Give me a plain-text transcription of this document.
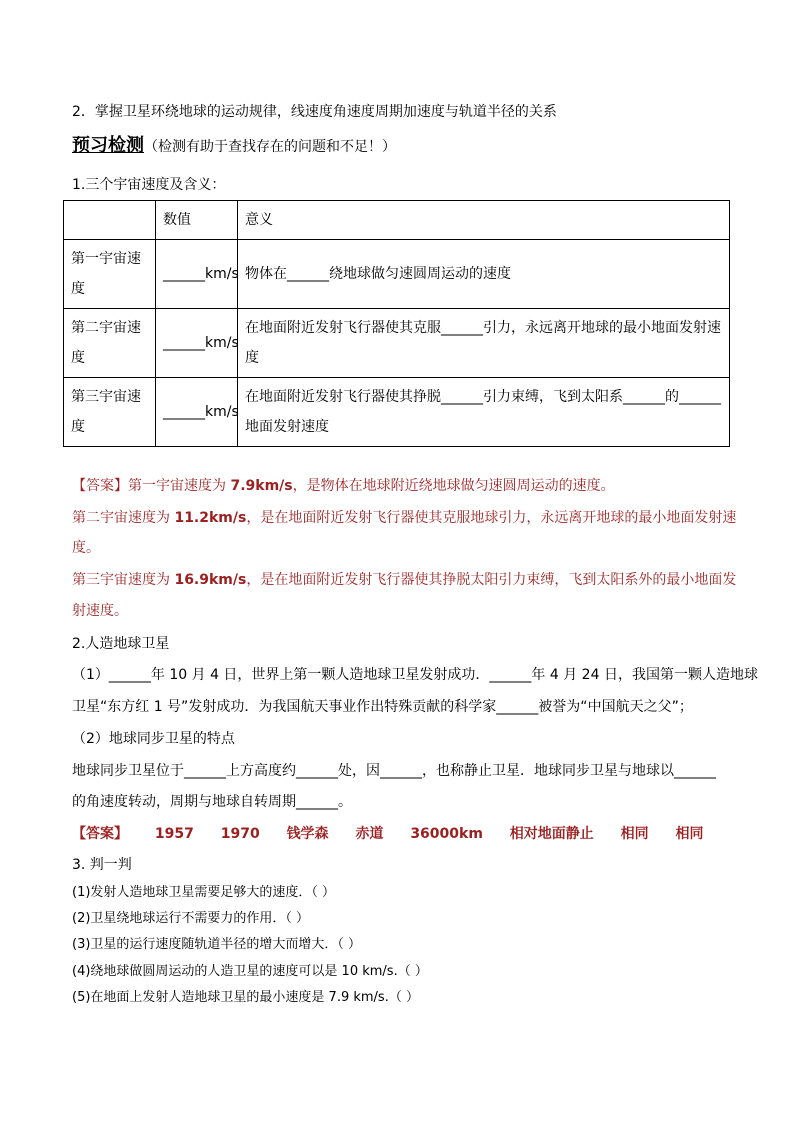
2．掌握卫星环绕地球的运动规律，线速度角速度周期加速度与轨道半径的关系
预习检测（检测有助于查找存在的问题和不足！）
1.三个宇宙速度及含义：
	数值	意义
第一宇宙速度	______km/s	物体在______绕地球做匀速圆周运动的速度
第二宇宙速度	______km/s	在地面附近发射飞行器使其克服______引力，永远离开地球的最小地面发射速度
第三宇宙速度	______km/s	在地面附近发射飞行器使其挣脱______引力束缚，飞到太阳系______的______地面发射速度
【答案】第一宇宙速度为 7.9km/s，是物体在地球附近绕地球做匀速圆周运动的速度。
第二宇宙速度为 11.2km/s，是在地面附近发射飞行器使其克服地球引力，永远离开地球的最小地面发射速
度。
第三宇宙速度为 16.9km/s，是在地面附近发射飞行器使其挣脱太阳引力束缚，飞到太阳系外的最小地面发
射速度。
2.人造地球卫星
（1）______年 10 月 4 日，世界上第一颗人造地球卫星发射成功．______年 4 月 24 日，我国第一颗人造地球
卫星“东方红 1 号”发射成功．为我国航天事业作出特殊贡献的科学家______被誉为“中国航天之父”；
（2）地球同步卫星的特点
地球同步卫星位于______上方高度约______处，因______，也称静止卫星．地球同步卫星与地球以______
的角速度转动，周期与地球自转周期______。
【答案】 1957 1970 钱学森 赤道 36000km 相对地面静止 相同 相同
3. 判一判
(1)发射人造地球卫星需要足够大的速度．（ ）
(2)卫星绕地球运行不需要力的作用．（ ）
(3)卫星的运行速度随轨道半径的增大而增大．（ ）
(4)绕地球做圆周运动的人造卫星的速度可以是 10 km/s.（ ）
(5)在地面上发射人造地球卫星的最小速度是 7.9 km/s.（ ）
